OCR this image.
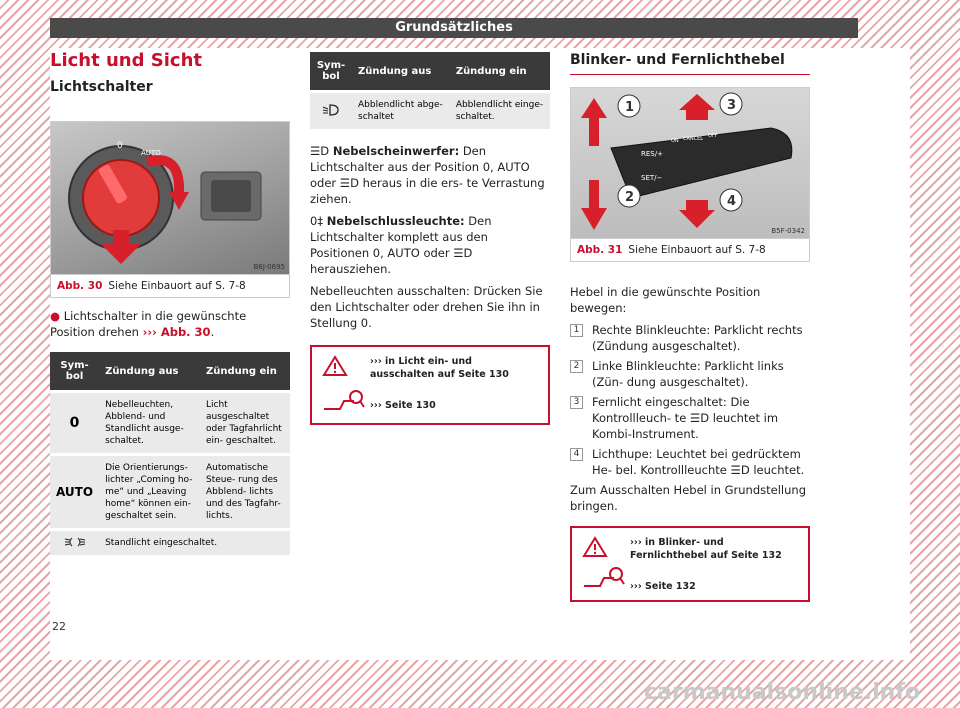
Grundsätzliches
Licht und Sicht
Lichtschalter
0
AUTO
B6J-0695
Abb. 30 Siehe Einbauort auf S. 7-8

● Lichtschalter in die gewünschte Position drehen ››› Abb. 30.

Sym-
bol	Zündung aus	Zündung ein
0	Nebelleuchten, Abblend- und Standlicht ausge- schaltet.	Licht ausgeschaltet oder Tagfahrlicht ein- geschaltet.
AUTO	Die Orientierungs- lichter „Coming ho- me“ und „Leaving home“ können ein- geschaltet sein.	Automatische Steue- rung des Abblend- lichts und des Tagfahr- lichts.
	Standlicht eingeschaltet.	
Sym-
bol	Zündung aus	Zündung ein
	Abblendlicht abge- schaltet	Abblendlicht einge- schaltet.

☰D Nebelscheinwerfer: Den Lichtschalter aus der Position 0, AUTO oder ☰D heraus in die ers- te Verrastung ziehen.

0‡ Nebelschlussleuchte: Den Lichtschalter komplett aus den Positionen 0, AUTO oder ☰D herausziehen.

Nebelleuchten ausschalten: Drücken Sie den Lichtschalter oder drehen Sie ihn in Stellung 0.

››› in Licht ein- und ausschalten auf Seite 130
››› Seite 130
Blinker- und Fernlichthebel
RES/+
SET/−
ON CANCEL OFF
1
2
3
4
B5F-0342
Abb. 31 Siehe Einbauort auf S. 7-8

Hebel in die gewünschte Position bewegen:

1	Rechte Blinkleuchte: Parklicht rechts (Zündung ausgeschaltet).
2	Linke Blinkleuchte: Parklicht links (Zün- dung ausgeschaltet).
3	Fernlicht eingeschaltet: Die Kontrollleuch- te ☰D leuchtet im Kombi-Instrument.
4	Lichthupe: Leuchtet bei gedrücktem He- bel. Kontrollleuchte ☰D leuchtet.

Zum Ausschalten Hebel in Grundstellung bringen.

››› in Blinker- und Fernlichthebel auf Seite 132
››› Seite 132
22
carmanualsonline.info
